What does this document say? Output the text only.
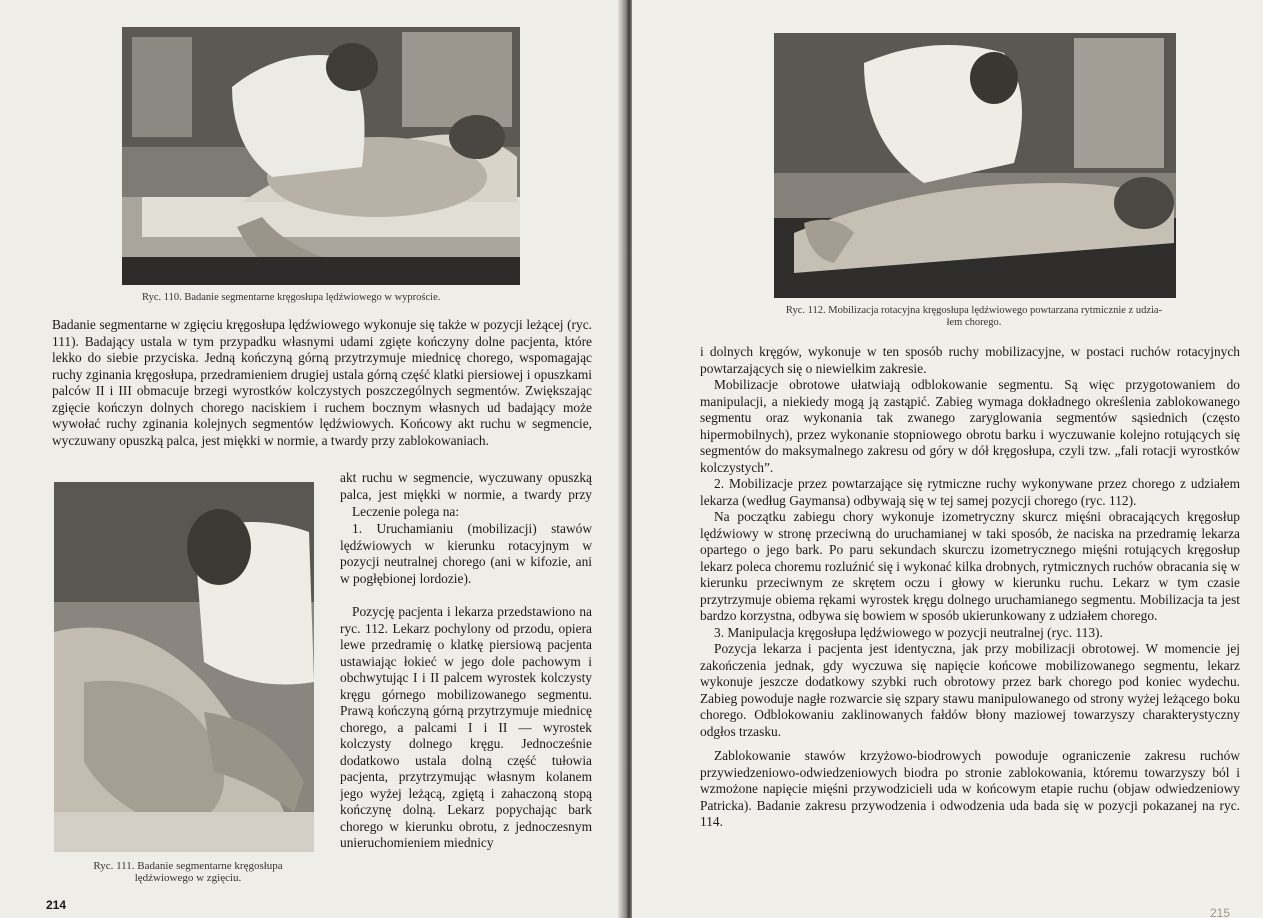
Ryc. 110. Badanie segmentarne kręgosłupa lędźwiowego w wyproście.

Badanie segmentarne w zgięciu kręgosłupa lędźwiowego wykonuje się także w pozycji leżącej (ryc. 111). Badający ustala w tym przypadku własnymi udami zgięte kończyny dolne pacjenta, które lekko do siebie przyciska. Jedną kończyną górną przytrzymuje miednicę chorego, wspomagając ruchy zginania kręgosłupa, przedramieniem drugiej ustala górną część klatki piersiowej i opuszkami palców II i III obmacuje brzegi wyrostków kolczystych poszczególnych segmentów. Zwiększając zgięcie kończyn dolnych chorego naciskiem i ruchem bocznym własnych ud badający może wywołać ruchy zginania kolejnych segmentów lędźwiowych. Końcowy akt ruchu w segmencie, wyczuwany opuszką palca, jest miękki w normie, a twardy przy zablokowaniach.

Ryc. 111. Badanie segmentarne kręgosłupa
lędźwiowego w zgięciu.

akt ruchu w segmencie, wyczuwany opuszką palca, jest miękki w normie, a twardy przy

Leczenie polega na:

1. Uruchamianiu (mobilizacji) stawów lędźwiowych w kierunku rotacyjnym w pozycji neutralnej chorego (ani w kifozie, ani w pogłębionej lordozie).

Pozycję pacjenta i lekarza przedstawiono na ryc. 112. Lekarz pochylony od przodu, opiera lewe przedramię o klatkę piersiową pacjenta ustawiając łokieć w jego dole pachowym i obchwytując I i II palcem wyrostek kolczysty kręgu górnego mobilizowanego segmentu. Prawą kończyną górną przytrzymuje miednicę chorego, a palcami I i II — wyrostek kolczysty dolnego kręgu. Jednocześnie dodatkowo ustala dolną część tułowia pacjenta, przytrzymując własnym kolanem jego wyżej leżącą, zgiętą i zahaczoną stopą kończynę dolną. Lekarz popychając bark chorego w kierunku obrotu, z jednoczesnym unieruchomieniem miednicy

214
Ryc. 112. Mobilizacja rotacyjna kręgosłupa lędźwiowego powtarzana rytmicznie z udzia-
łem chorego.

i dolnych kręgów, wykonuje w ten sposób ruchy mobilizacyjne, w postaci ruchów rotacyjnych powtarzających się o niewielkim zakresie.

Mobilizacje obrotowe ułatwiają odblokowanie segmentu. Są więc przygotowaniem do manipulacji, a niekiedy mogą ją zastąpić. Zabieg wymaga dokładnego określenia zablokowanego segmentu oraz wykonania tak zwanego zaryglowania segmentów sąsiednich (często hipermobilnych), przez wykonanie stopniowego obrotu barku i wyczuwanie kolejno rotujących się segmentów do maksymalnego zakresu od góry w dół kręgosłupa, czyli tzw. „fali rotacji wyrostków kolczystych”.

2. Mobilizacje przez powtarzające się rytmiczne ruchy wykonywane przez chorego z udziałem lekarza (według Gaymansa) odbywają się w tej samej pozycji chorego (ryc. 112).

Na początku zabiegu chory wykonuje izometryczny skurcz mięśni obracających kręgosłup lędźwiowy w stronę przeciwną do uruchamianej w taki sposób, że naciska na przedramię lekarza opartego o jego bark. Po paru sekundach skurczu izometrycznego mięśni rotujących kręgosłup lekarz poleca choremu rozluźnić się i wykonać kilka drobnych, rytmicznych ruchów obracania się w kierunku przeciwnym ze skrętem oczu i głowy w kierunku ruchu. Lekarz w tym czasie przytrzymuje obiema rękami wyrostek kręgu dolnego uruchamianego segmentu. Mobilizacja ta jest bardzo korzystna, odbywa się bowiem w sposób ukierunkowany z udziałem chorego.

3. Manipulacja kręgosłupa lędźwiowego w pozycji neutralnej (ryc. 113).

Pozycja lekarza i pacjenta jest identyczna, jak przy mobilizacji obrotowej. W momencie jej zakończenia jednak, gdy wyczuwa się napięcie końcowe mobilizowanego segmentu, lekarz wykonuje jeszcze dodatkowy szybki ruch obrotowy przez bark chorego pod koniec wydechu. Zabieg powoduje nagłe rozwarcie się szpary stawu manipulowanego od strony wyżej leżącego boku chorego. Odblokowaniu zaklinowanych fałdów błony maziowej towarzyszy charakterystyczny odgłos trzasku.

Zablokowanie stawów krzyżowo-biodrowych powoduje ograniczenie zakresu ruchów przywiedzeniowo-odwiedzeniowych biodra po stronie zablokowania, któremu towarzyszy ból i wzmożone napięcie mięśni przywodzicieli uda w końcowym etapie ruchu (objaw odwiedzeniowy Patricka). Badanie zakresu przywodzenia i odwodzenia uda bada się w pozycji pokazanej na ryc. 114.

215
